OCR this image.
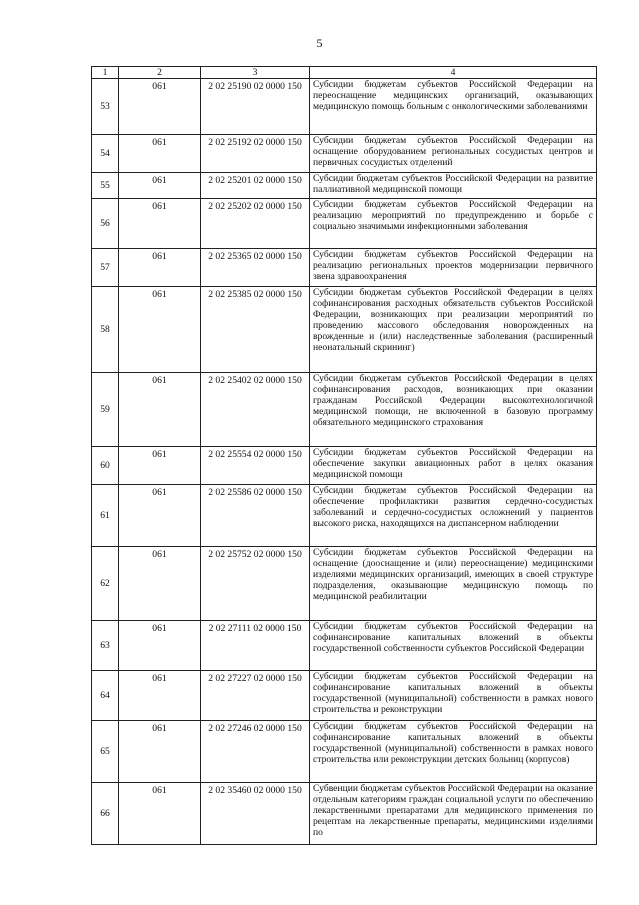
5
1	2	3	4
53	061	2 02 25190 02 0000 150	Субсидии бюджетам субъектов Российской Федерации на переоснащение медицинских организаций, оказывающих медицинскую помощь больным с онкологическими заболеваниями
54	061	2 02 25192 02 0000 150	Субсидии бюджетам субъектов Российской Федерации на оснащение оборудованием региональных сосудистых центров и первичных сосудистых отделений
55	061	2 02 25201 02 0000 150	Субсидии бюджетам субъектов Российской Федерации на развитие паллиативной медицинской помощи
56	061	2 02 25202 02 0000 150	Субсидии бюджетам субъектов Российской Федерации на реализацию мероприятий по предупреждению и борьбе с социально значимыми инфекционными заболевания
57	061	2 02 25365 02 0000 150	Субсидии бюджетам субъектов Российской Федерации на реализацию региональных проектов модернизации первичного звена здравоохранения
58	061	2 02 25385 02 0000 150	Субсидии бюджетам субъектов Российской Федерации в целях софинансирования расходных обязательств субъектов Российской Федерации, возникающих при реализации мероприятий по проведению массового обследования новорожденных на врожденные и (или) наследственные заболевания (расширенный неонатальный скрининг)
59	061	2 02 25402 02 0000 150	Субсидии бюджетам субъектов Российской Федерации в целях софинансирования расходов, возникающих при оказании гражданам Российской Федерации высокотехнологичной медицинской помощи, не включенной в базовую программу обязательного медицинского страхования
60	061	2 02 25554 02 0000 150	Субсидии бюджетам субъектов Российской Федерации на обеспечение закупки авиационных работ в целях оказания медицинской помощи
61	061	2 02 25586 02 0000 150	Субсидии бюджетам субъектов Российской Федерации на обеспечение профилактики развития сердечно-сосудистых заболеваний и сердечно-сосудистых осложнений у пациентов высокого риска, находящихся на диспансерном наблюдении
62	061	2 02 25752 02 0000 150	Субсидии бюджетам субъектов Российской Федерации на оснащение (дооснащение и (или) переоснащение) медицинскими изделиями медицинских организаций, имеющих в своей структуре подразделения, оказывающие медицинскую помощь по медицинской реабилитации
63	061	2 02 27111 02 0000 150	Субсидии бюджетам субъектов Российской Федерации на софинансирование капитальных вложений в объекты государственной собственности субъектов Российской Федерации
64	061	2 02 27227 02 0000 150	Субсидии бюджетам субъектов Российской Федерации на софинансирование капитальных вложений в объекты государственной (муниципальной) собственности в рамках нового строительства и реконструкции
65	061	2 02 27246 02 0000 150	Субсидии бюджетам субъектов Российской Федерации на софинансирование капитальных вложений в объекты государственной (муниципальной) собственности в рамках нового строительства или реконструкции детских больниц (корпусов)
66	061	2 02 35460 02 0000 150	Субвенции бюджетам субъектов Российской Федерации на оказание отдельным категориям граждан социальной услуги по обеспечению лекарственными препаратами для медицинского применения по рецептам на лекарственные препараты, медицинскими изделиями по
